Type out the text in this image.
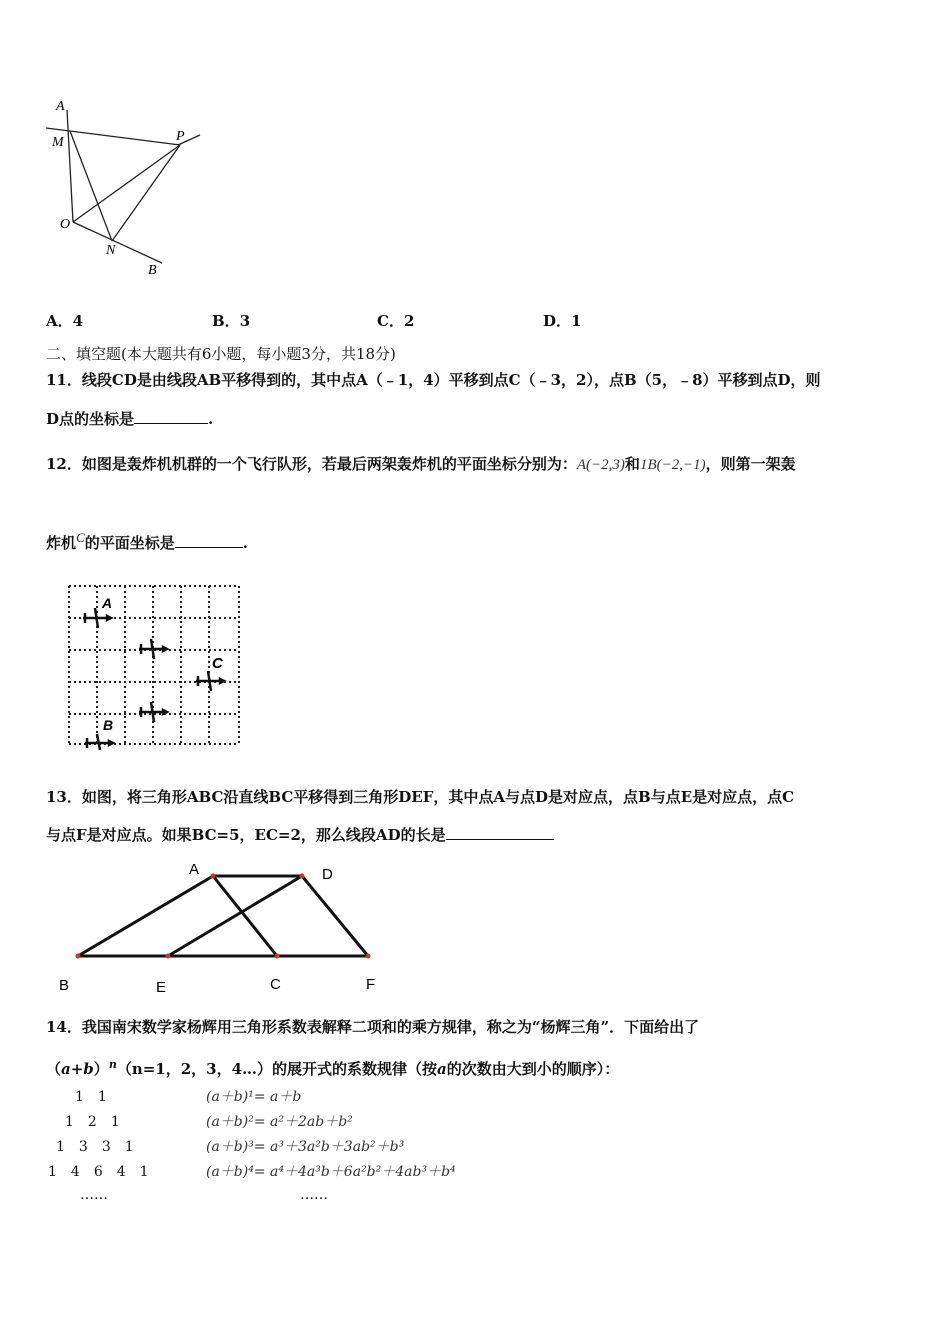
A
M	P
O
N
B
A．4	B．3	C．2	D．1
二、填空题(本大题共有6小题，每小题3分，共18分)
11．线段CD是由线段AB平移得到的，其中点A（﹣1，4）平移到点C（﹣3，2），点B（5，﹣8）平移到点D，则
D点的坐标是	.
12．如图是轰炸机机群的一个飞行队形，若最后两架轰炸机的平面坐标分别为：A(−2,3)和1B(−2,−1)，则第一架轰
炸机$^C$的平面坐标是	.
A
C
B
13．如图，将三角形ABC沿直线BC平移得到三角形DEF，其中点A与点D是对应点，点B与点E是对应点，点C
与点F是对应点。如果BC=5，EC=2，那么线段AD的长是
A	D
B	E	C	F
14．我国南宋数学家杨辉用三角形系数表解释二项和的乘方规律，称之为“杨辉三角”．下面给出了
$(a+b)^n(n=1$，2，3，4…）的展开式的系数规律（按a的次数由大到小的顺序）：
1　1
1　2　1
1　3　3　1
1　4　6　4　1
……
(a＋b)¹= a＋b
(a＋b)²= a²＋2ab＋b²
(a＋b)³= a³＋3a²b＋3ab²＋b³
(a＋b)⁴= a⁴＋4a³b＋6a²b²＋4ab³＋b⁴
……
